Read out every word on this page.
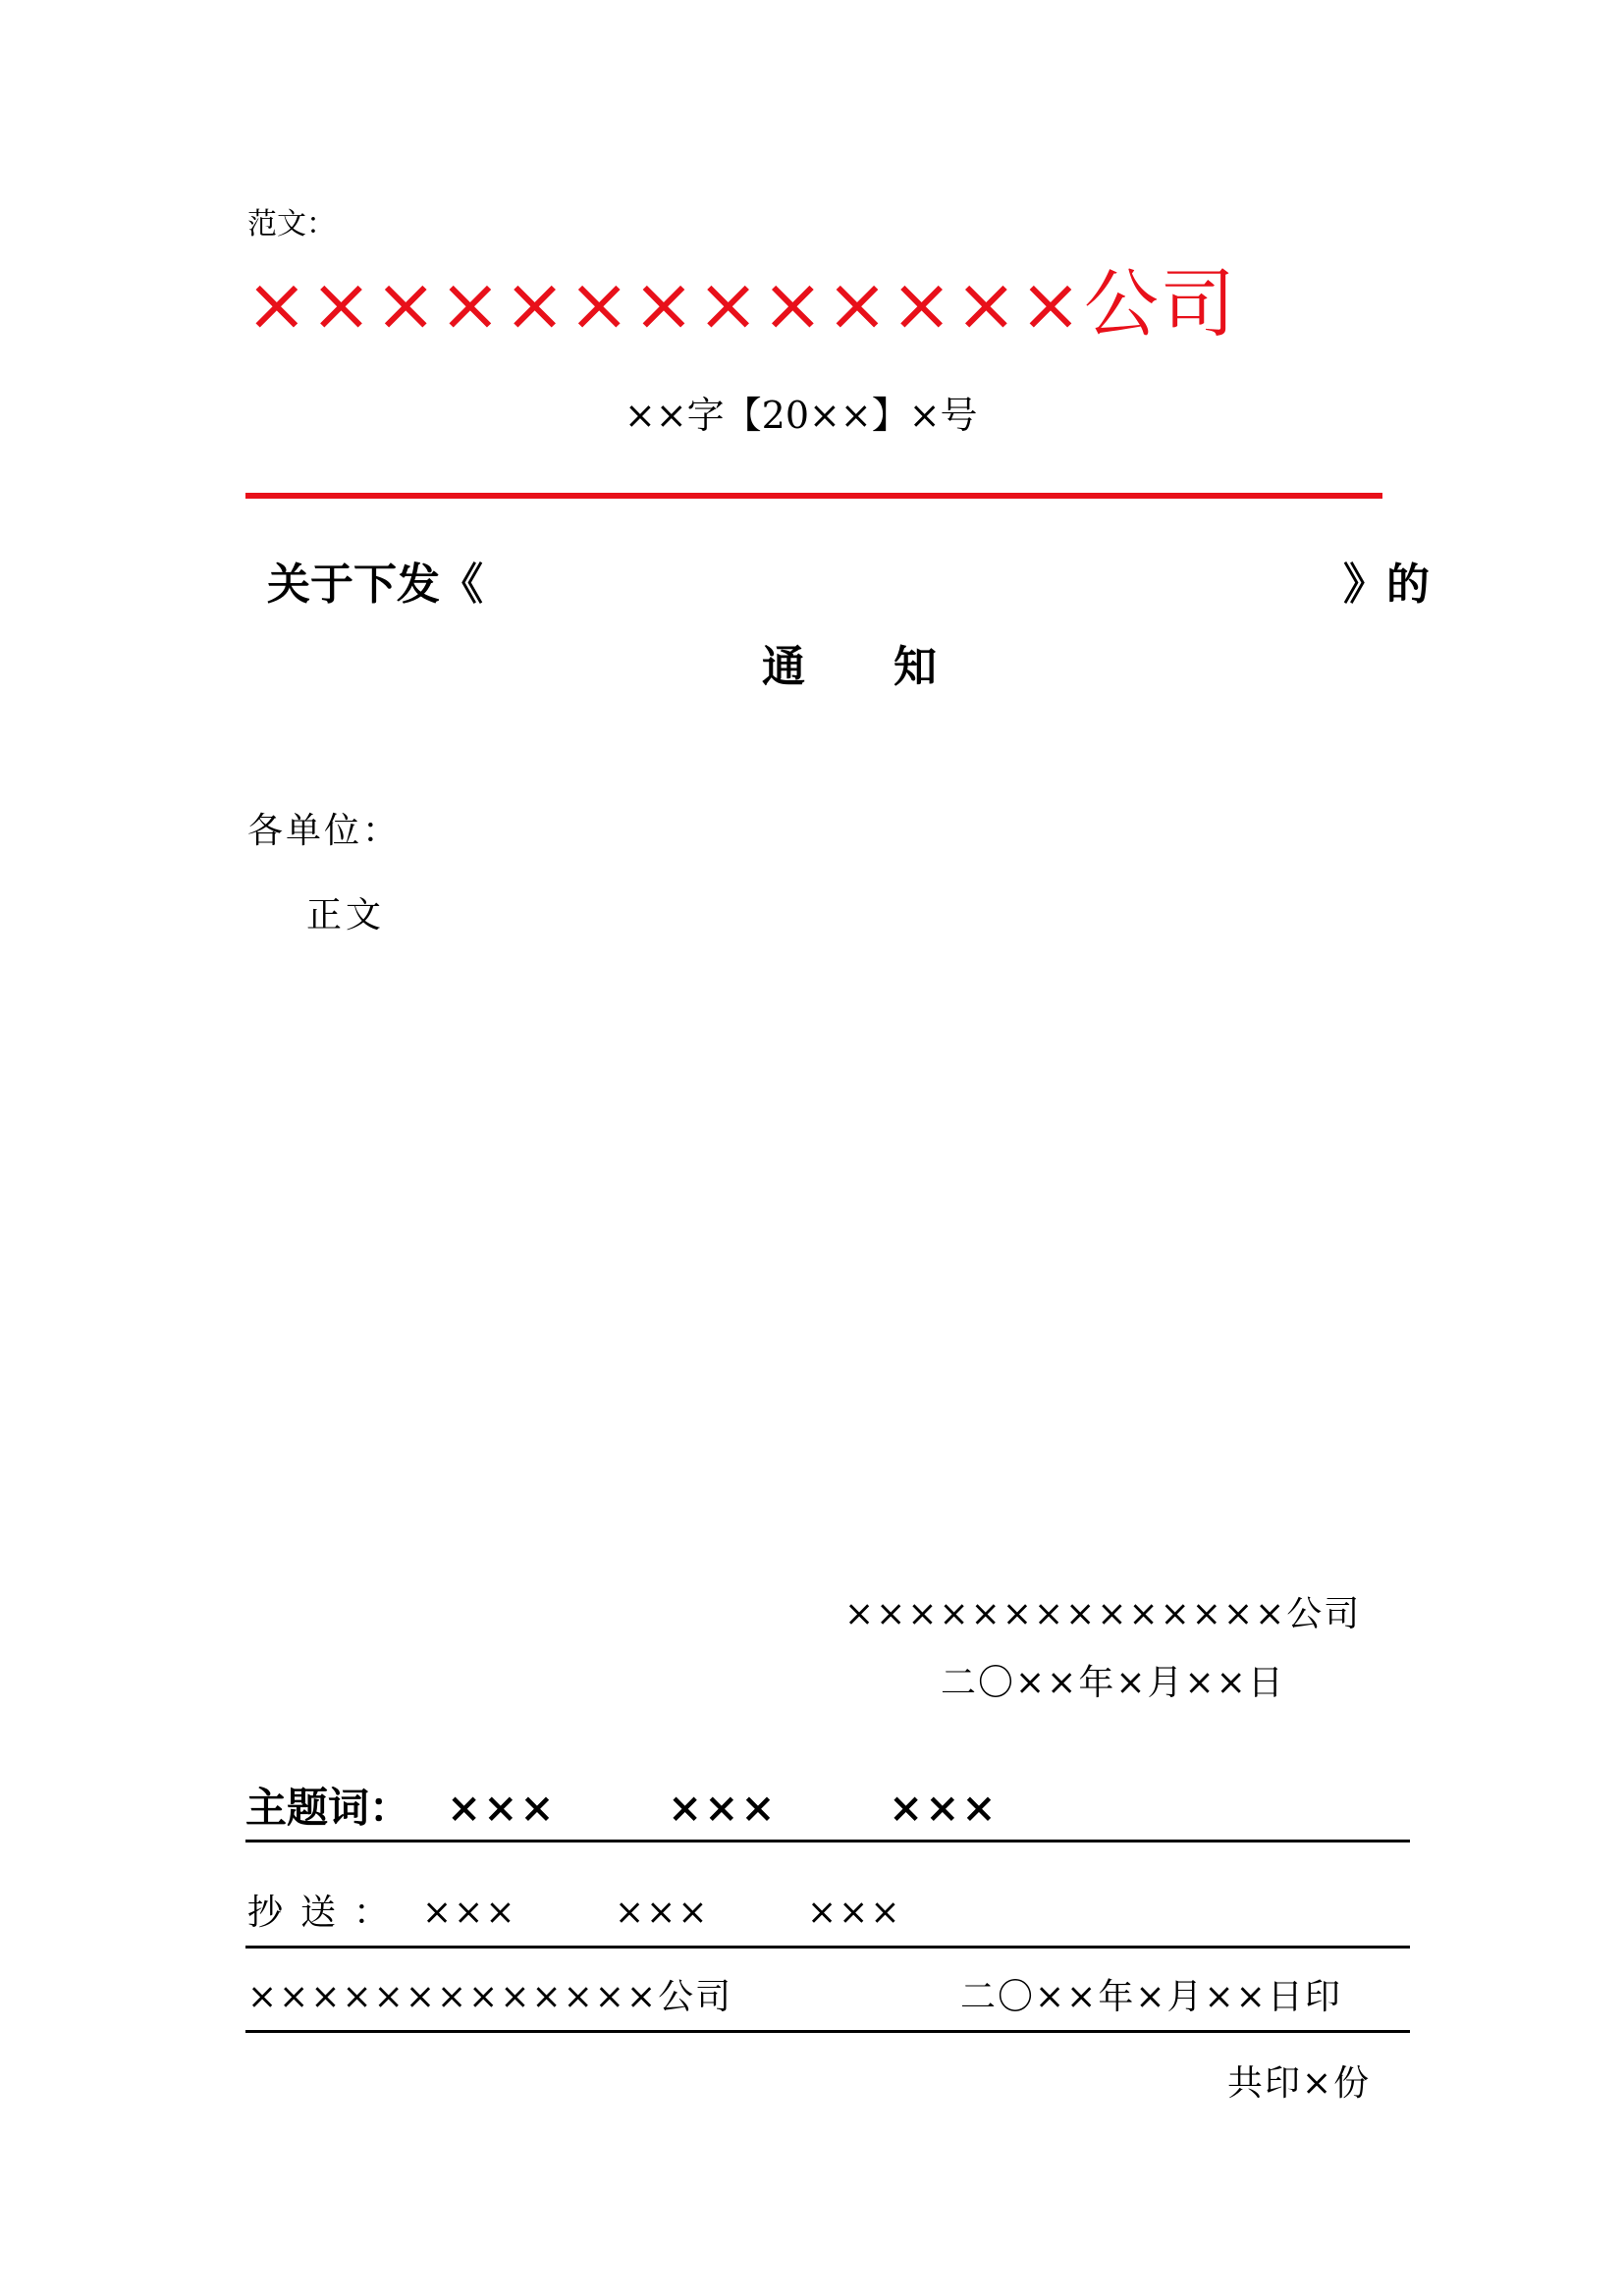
范文：
×××××××××××××公司
××字【20××】×号
关于下发《	》的
通 知
各单位：
正文
××××××××××××××公司
二〇××年×月××日
主题词： ×××	×××	×××
抄送： ×××	×××	×××
×××××××××××××公司	二〇××年×月××日印
共印×份
